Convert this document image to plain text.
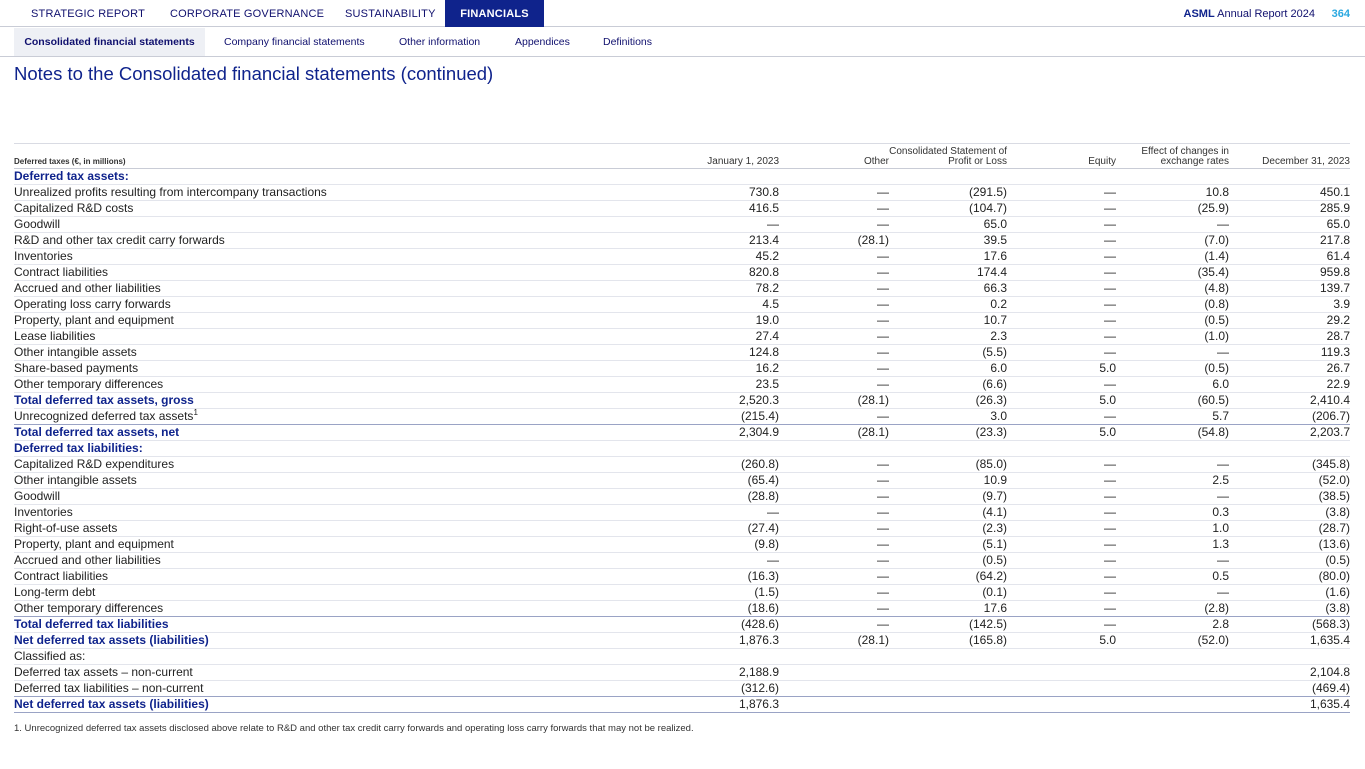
STRATEGIC REPORT CORPORATE GOVERNANCE SUSTAINABILITY	FINANCIALS	ASML Annual Report 2024 364
Consolidated financial statements	Company financial statements	Other information	Appendices	Definitions
Notes to the Consolidated financial statements (continued)
Deferred taxes (€, in millions)	January 1, 2023	Other	Consolidated Statement of Profit or Loss	Equity	Effect of changes in exchange rates	December 31, 2023
Deferred tax assets:						
Unrealized profits resulting from intercompany transactions	730.8	—	(291.5)	—	10.8	450.1
Capitalized R&D costs	416.5	—	(104.7)	—	(25.9)	285.9
Goodwill	—	—	65.0	—	—	65.0
R&D and other tax credit carry forwards	213.4	(28.1)	39.5	—	(7.0)	217.8
Inventories	45.2	—	17.6	—	(1.4)	61.4
Contract liabilities	820.8	—	174.4	—	(35.4)	959.8
Accrued and other liabilities	78.2	—	66.3	—	(4.8)	139.7
Operating loss carry forwards	4.5	—	0.2	—	(0.8)	3.9
Property, plant and equipment	19.0	—	10.7	—	(0.5)	29.2
Lease liabilities	27.4	—	2.3	—	(1.0)	28.7
Other intangible assets	124.8	—	(5.5)	—	—	119.3
Share-based payments	16.2	—	6.0	5.0	(0.5)	26.7
Other temporary differences	23.5	—	(6.6)	—	6.0	22.9
Total deferred tax assets, gross	2,520.3	(28.1)	(26.3)	5.0	(60.5)	2,410.4
Unrecognized deferred tax assets$^1$	(215.4)	—	3.0	—	5.7	(206.7)
Total deferred tax assets, net	2,304.9	(28.1)	(23.3)	5.0	(54.8)	2,203.7
Deferred tax liabilities:						
Capitalized R&D expenditures	(260.8)	—	(85.0)	—	—	(345.8)
Other intangible assets	(65.4)	—	10.9	—	2.5	(52.0)
Goodwill	(28.8)	—	(9.7)	—	—	(38.5)
Inventories	—	—	(4.1)	—	0.3	(3.8)
Right-of-use assets	(27.4)	—	(2.3)	—	1.0	(28.7)
Property, plant and equipment	(9.8)	—	(5.1)	—	1.3	(13.6)
Accrued and other liabilities	—	—	(0.5)	—	—	(0.5)
Contract liabilities	(16.3)	—	(64.2)	—	0.5	(80.0)
Long-term debt	(1.5)	—	(0.1)	—	—	(1.6)
Other temporary differences	(18.6)	—	17.6	—	(2.8)	(3.8)
Total deferred tax liabilities	(428.6)	—	(142.5)	—	2.8	(568.3)
Net deferred tax assets (liabilities)	1,876.3	(28.1)	(165.8)	5.0	(52.0)	1,635.4
Classified as:						
Deferred tax assets – non-current	2,188.9					2,104.8
Deferred tax liabilities – non-current	(312.6)					(469.4)
Net deferred tax assets (liabilities)	1,876.3					1,635.4
1. Unrecognized deferred tax assets disclosed above relate to R&D and other tax credit carry forwards and operating loss carry forwards that may not be realized.
